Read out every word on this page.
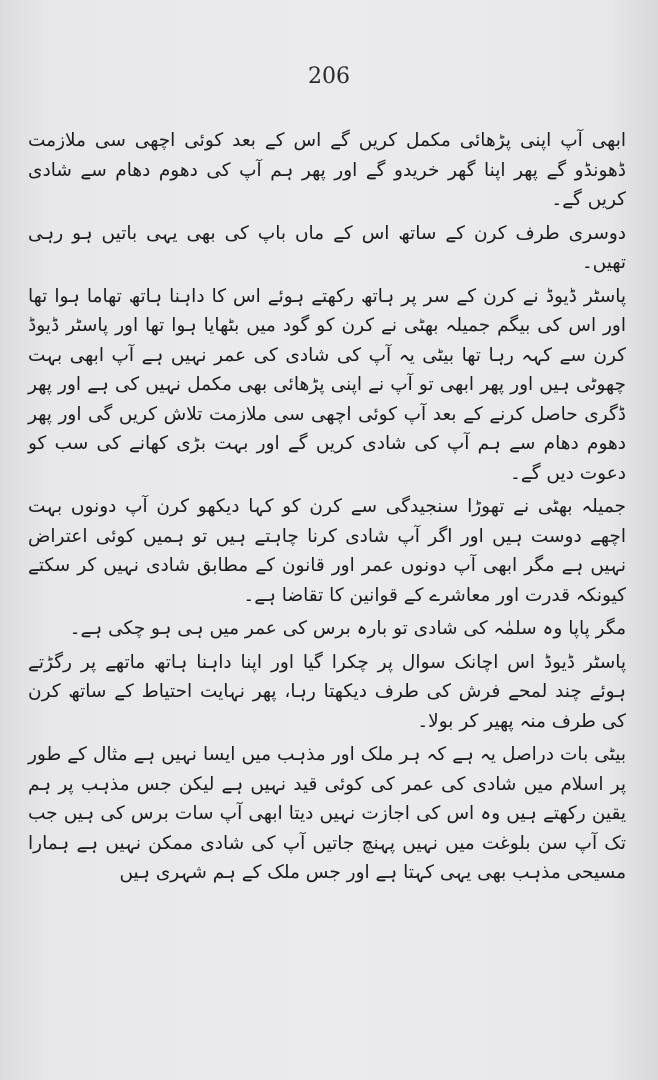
206

ابھی آپ اپنی پڑھائی مکمل کریں گے اس کے بعد کوئی اچھی سی ملازمت ڈھونڈو گے پھر اپنا گھر خریدو گے اور پھر ہم آپ کی دھوم دھام سے شادی کریں گے۔

دوسری طرف کرن کے ساتھ اس کے ماں باپ کی بھی یہی باتیں ہو رہی تھیں۔

پاسٹر ڈیوڈ نے کرن کے سر پر ہاتھ رکھتے ہوئے اس کا داہنا ہاتھ تھاما ہوا تھا اور اس کی بیگم جمیلہ بھٹی نے کرن کو گود میں بٹھایا ہوا تھا اور پاسٹر ڈیوڈ کرن سے کہہ رہا تھا بیٹی یہ آپ کی شادی کی عمر نہیں ہے آپ ابھی بہت چھوٹی ہیں اور پھر ابھی تو آپ نے اپنی پڑھائی بھی مکمل نہیں کی ہے اور پھر ڈگری حاصل کرنے کے بعد آپ کوئی اچھی سی ملازمت تلاش کریں گی اور پھر دھوم دھام سے ہم آپ کی شادی کریں گے اور بہت بڑی کھانے کی سب کو دعوت دیں گے۔

جمیلہ بھٹی نے تھوڑا سنجیدگی سے کرن کو کہا دیکھو کرن آپ دونوں بہت اچھے دوست ہیں اور اگر آپ شادی کرنا چاہتے ہیں تو ہمیں کوئی اعتراض نہیں ہے مگر ابھی آپ دونوں عمر اور قانون کے مطابق شادی نہیں کر سکتے کیونکہ قدرت اور معاشرے کے قوانین کا تقاضا ہے۔

مگر پاپا وہ سلمٰہ کی شادی تو بارہ برس کی عمر میں ہی ہو چکی ہے۔

پاسٹر ڈیوڈ اس اچانک سوال پر چکرا گیا اور اپنا داہنا ہاتھ ماتھے پر رگڑتے ہوئے چند لمحے فرش کی طرف دیکھتا رہا، پھر نہایت احتیاط کے ساتھ کرن کی طرف منہ پھیر کر بولا۔

بیٹی بات دراصل یہ ہے کہ ہر ملک اور مذہب میں ایسا نہیں ہے مثال کے طور پر اسلام میں شادی کی عمر کی کوئی قید نہیں ہے لیکن جس مذہب پر ہم یقین رکھتے ہیں وہ اس کی اجازت نہیں دیتا ابھی آپ سات برس کی ہیں جب تک آپ سن بلوغت میں نہیں پہنچ جاتیں آپ کی شادی ممکن نہیں ہے ہمارا مسیحی مذہب بھی یہی کہتا ہے اور جس ملک کے ہم شہری ہیں
